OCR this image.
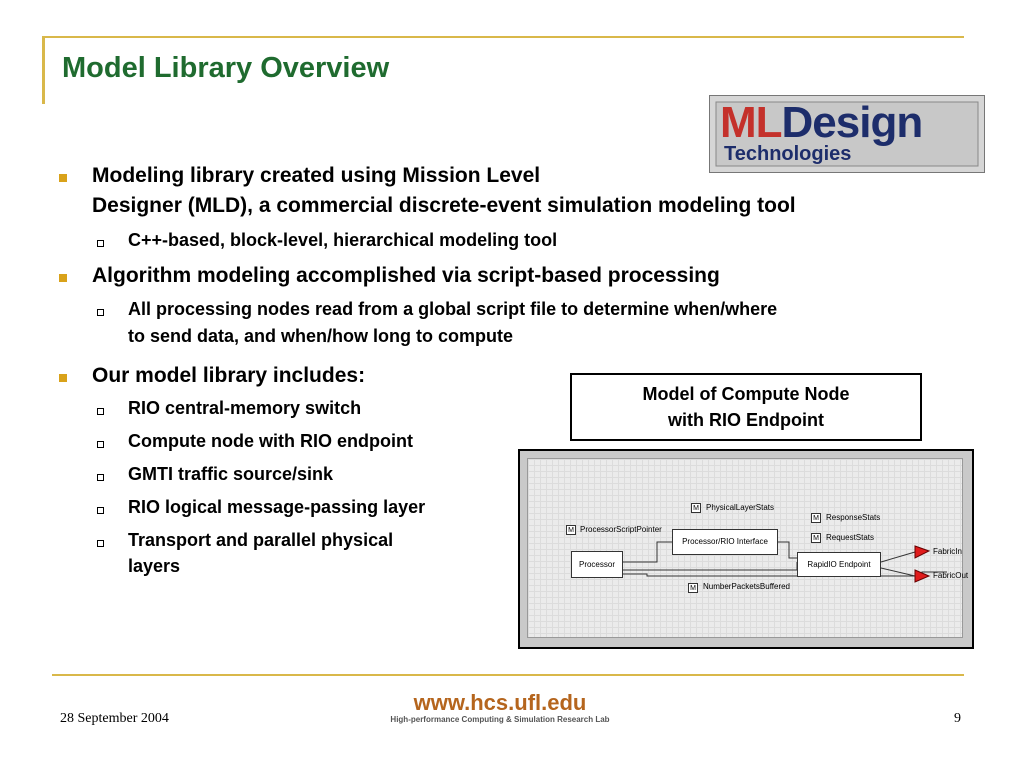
Model Library Overview
MLDesign
Technologies
Modeling library created using Mission Level
Designer (MLD), a commercial discrete-event simulation modeling tool
C++-based, block-level, hierarchical modeling tool
Algorithm modeling accomplished via script-based processing
All processing nodes read from a global script file to determine when/where
to send data, and when/how long to compute
Our model library includes:
RIO central-memory switch
Compute node with RIO endpoint
GMTI traffic source/sink
RIO logical message-passing layer
Transport and parallel physical
layers
Model of Compute Node
with RIO Endpoint
Processor
Processor/RIO Interface
RapidIO Endpoint
M ProcessorScriptPointer
M PhysicalLayerStats
M ResponseStats
M RequestStats
M NumberPacketsBuffered
FabricIn
FabricOut
28 September 2004
www.hcs.ufl.edu
High-performance Computing & Simulation Research Lab	9
